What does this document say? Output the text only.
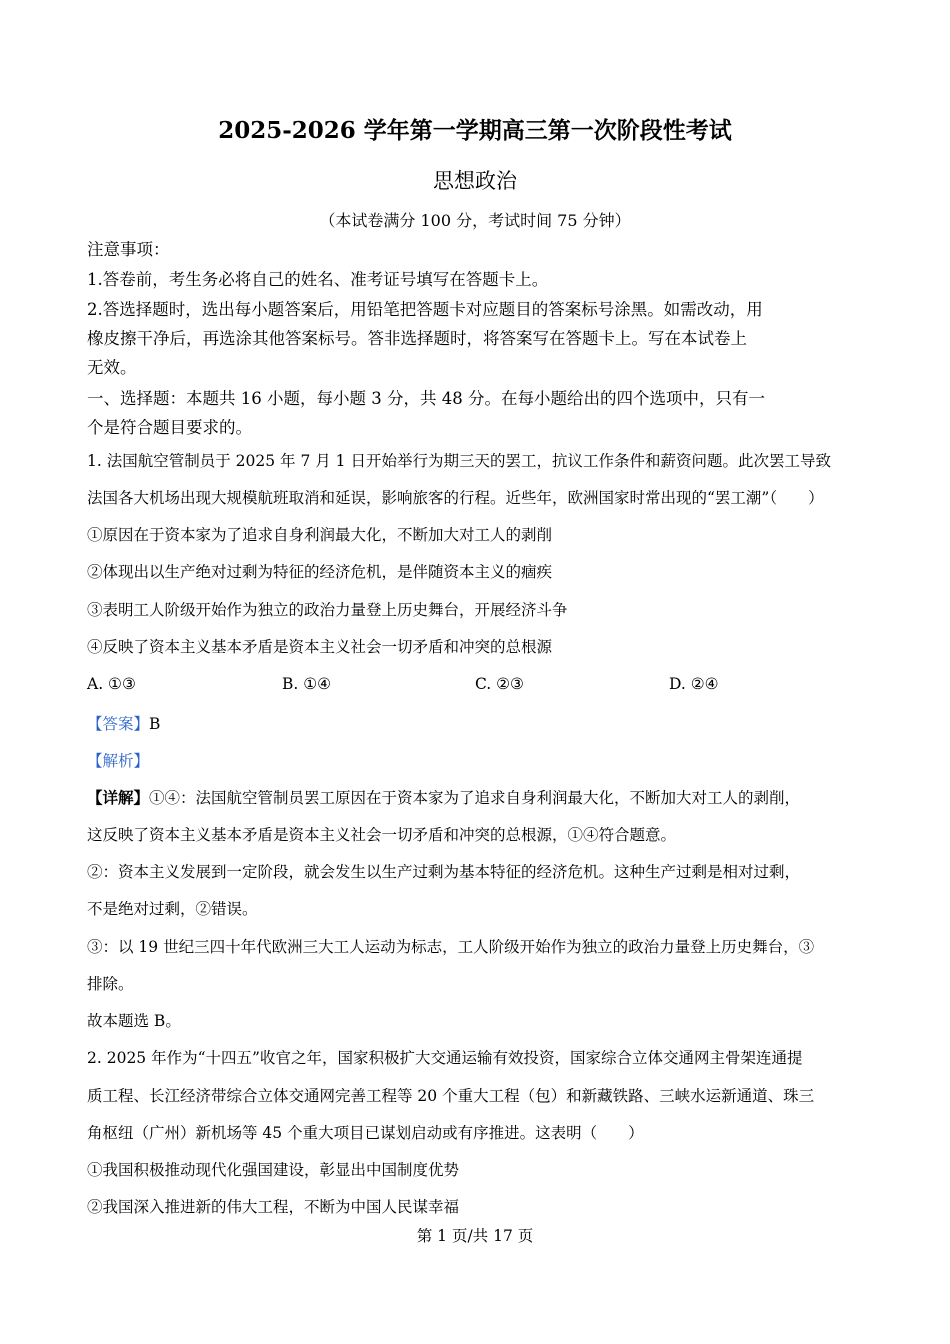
2025-2026 学年第一学期高三第一次阶段性考试
思想政治
（本试卷满分 100 分，考试时间 75 分钟）
注意事项：
1.答卷前，考生务必将自己的姓名、准考证号填写在答题卡上。
2.答选择题时，选出每小题答案后，用铅笔把答题卡对应题目的答案标号涂黑。如需改动，用
橡皮擦干净后，再选涂其他答案标号。答非选择题时，将答案写在答题卡上。写在本试卷上
无效。
一、选择题：本题共 16 小题，每小题 3 分，共 48 分。在每小题给出的四个选项中，只有一
个是符合题目要求的。
1. 法国航空管制员于 2025 年 7 月 1 日开始举行为期三天的罢工，抗议工作条件和薪资问题。此次罢工导致
法国各大机场出现大规模航班取消和延误，影响旅客的行程。近些年，欧洲国家时常出现的“罢工潮”（　　）
①原因在于资本家为了追求自身利润最大化，不断加大对工人的剥削
②体现出以生产绝对过剩为特征的经济危机，是伴随资本主义的痼疾
③表明工人阶级开始作为独立的政治力量登上历史舞台，开展经济斗争
④反映了资本主义基本矛盾是资本主义社会一切矛盾和冲突的总根源
A. ①③	B. ①④	C. ②③	D. ②④
【答案】B
【解析】
【详解】①④：法国航空管制员罢工原因在于资本家为了追求自身利润最大化，不断加大对工人的剥削，
这反映了资本主义基本矛盾是资本主义社会一切矛盾和冲突的总根源，①④符合题意。
②：资本主义发展到一定阶段，就会发生以生产过剩为基本特征的经济危机。这种生产过剩是相对过剩，
不是绝对过剩，②错误。
③：以 19 世纪三四十年代欧洲三大工人运动为标志，工人阶级开始作为独立的政治力量登上历史舞台，③
排除。
故本题选 B。
2. 2025 年作为“十四五”收官之年，国家积极扩大交通运输有效投资，国家综合立体交通网主骨架连通提
质工程、长江经济带综合立体交通网完善工程等 20 个重大工程（包）和新藏铁路、三峡水运新通道、珠三
角枢纽（广州）新机场等 45 个重大项目已谋划启动或有序推进。这表明（　　）
①我国积极推动现代化强国建设，彰显出中国制度优势
②我国深入推进新的伟大工程，不断为中国人民谋幸福
第 1 页/共 17 页
